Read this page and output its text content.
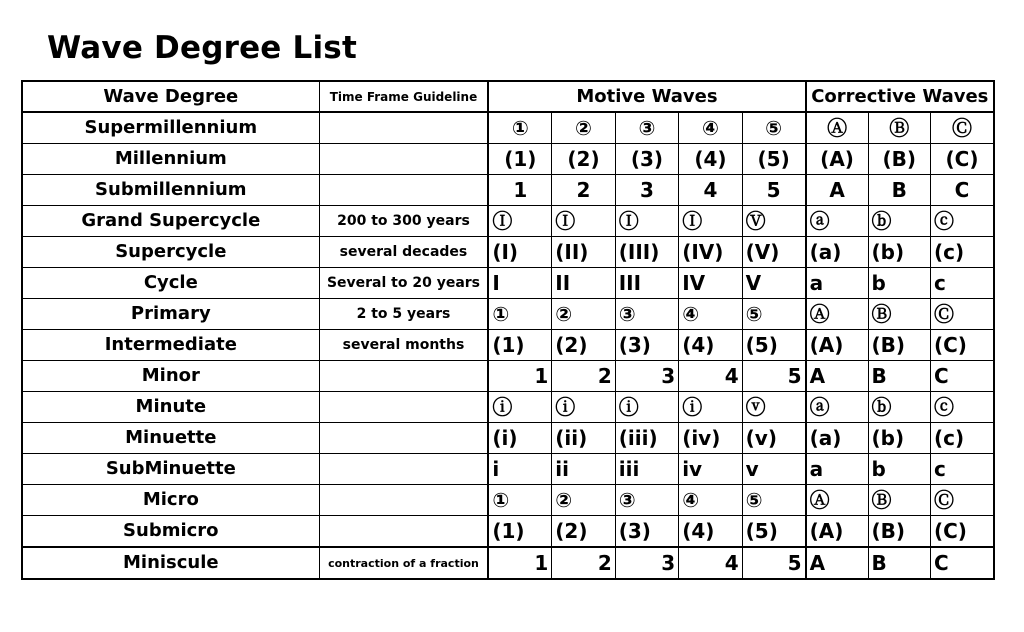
Wave Degree List
Wave Degree	Time Frame Guideline	Motive Waves					Corrective Waves		
Supermillennium		①	②	③	④	⑤	Ⓐ	Ⓑ	Ⓒ
Millennium		(1)	(2)	(3)	(4)	(5)	(A)	(B)	(C)
Submillennium		1	2	3	4	5	A	B	C
Grand Supercycle	200 to 300 years	Ⓘ	Ⓘ	Ⓘ	Ⓘ	Ⓥ	ⓐ	ⓑ	ⓒ
Supercycle	several decades	(I)	(II)	(III)	(IV)	(V)	(a)	(b)	(c)
Cycle	Several to 20 years	I	II	III	IV	V	a	b	c
Primary	2 to 5 years	①	②	③	④	⑤	Ⓐ	Ⓑ	Ⓒ
Intermediate	several months	(1)	(2)	(3)	(4)	(5)	(A)	(B)	(C)
Minor		1	2	3	4	5	A	B	C
Minute		ⓘ	ⓘ	ⓘ	ⓘ	ⓥ	ⓐ	ⓑ	ⓒ
Minuette		(i)	(ii)	(iii)	(iv)	(v)	(a)	(b)	(c)
SubMinuette		i	ii	iii	iv	v	a	b	c
Micro		①	②	③	④	⑤	Ⓐ	Ⓑ	Ⓒ
Submicro		(1)	(2)	(3)	(4)	(5)	(A)	(B)	(C)
Miniscule	contraction of a fraction	1	2	3	4	5	A	B	C
